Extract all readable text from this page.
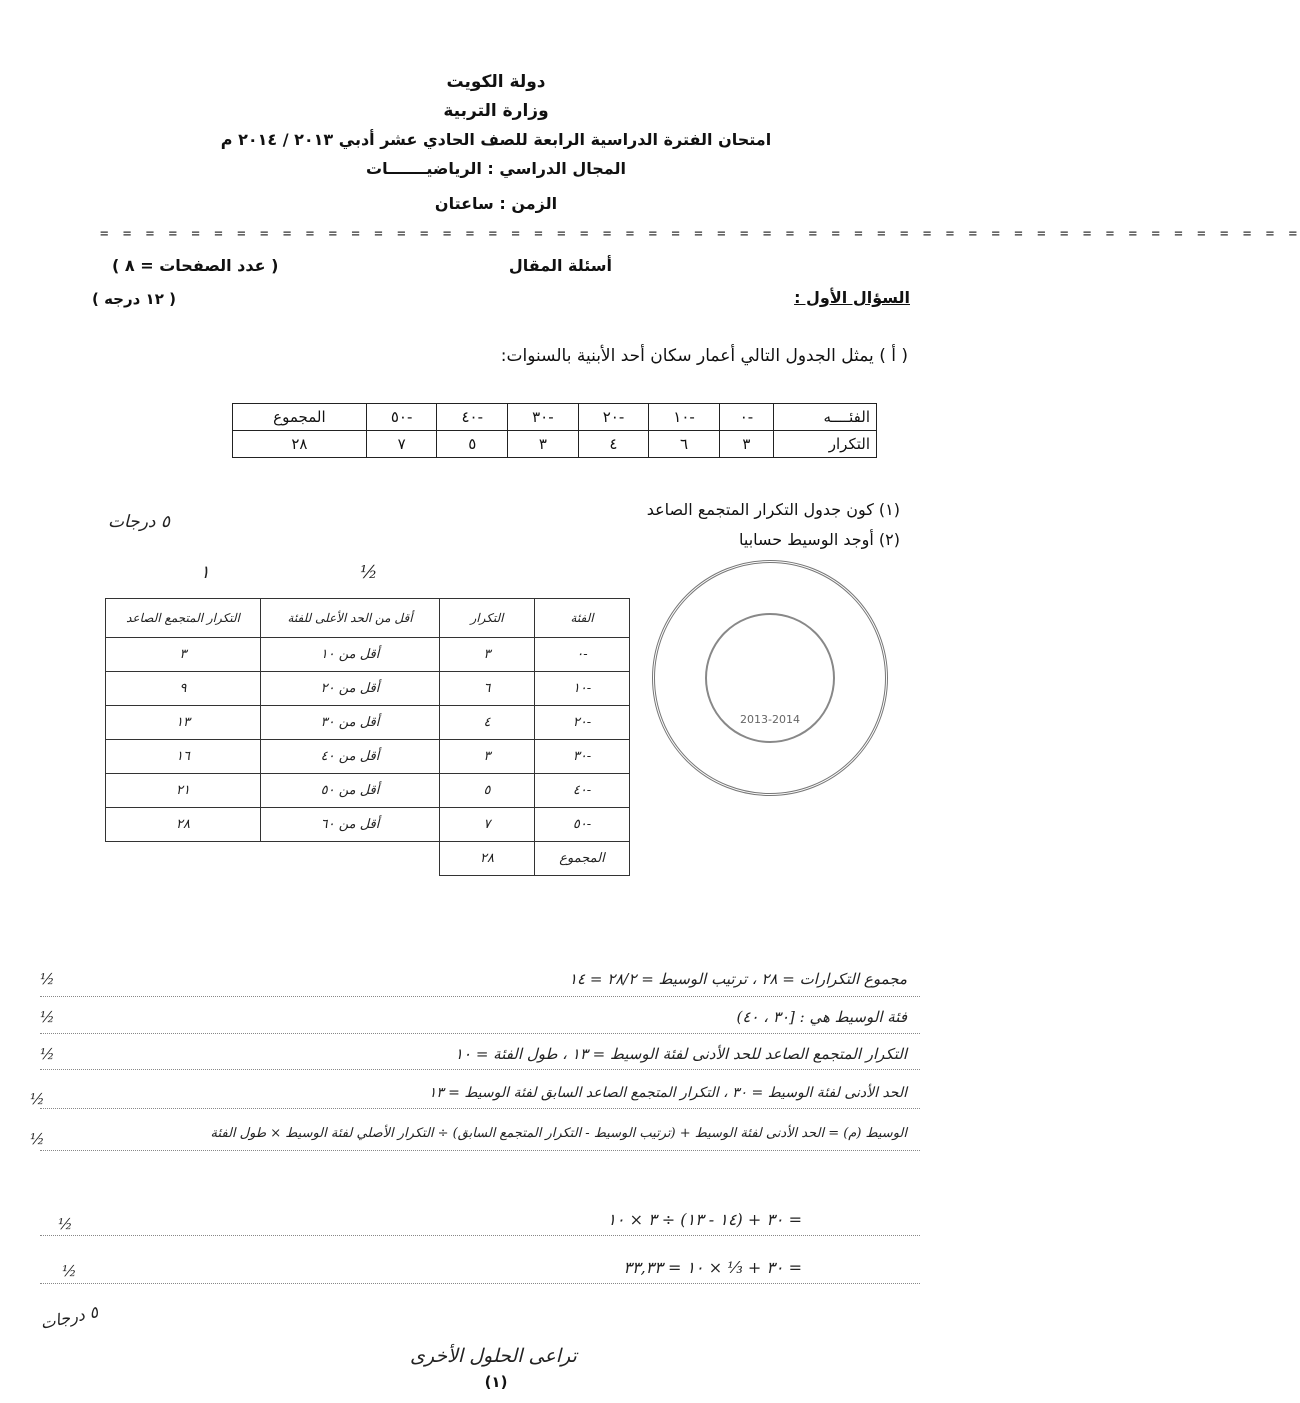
دولة الكويت
وزارة التربية
امتحان الفترة الدراسية الرابعة للصف الحادي عشر أدبي ٢٠١٣ / ٢٠١٤ م
المجال الدراسي : الرياضيـــــــات
الزمن : ساعتان
= = = = = = = = = = = = = = = = = = = = = = = = = = = = = = = = = = = = = = = = = = = = = = = = = = = = =
أسئلة المقال
( عدد الصفحات = ٨ )
السؤال الأول :
( ١٢ درجه )
( أ ) يمثل الجدول التالي أعمار سكان أحد الأبنية بالسنوات:
الفئــــه	-٠	-١٠	-٢٠	-٣٠	-٤٠	-٥٠	المجموع
التكرار	٣	٦	٤	٣	٥	٧	٢٨
(١) كون جدول التكرار المتجمع الصاعد
(٢) أوجد الوسيط حسابيا
٥ درجات
١	½
الفئة	التكرار	أقل من الحد الأعلى للفئة	التكرار المتجمع الصاعد
-٠	٣	أقل من ١٠	٣
-١٠	٦	أقل من ٢٠	٩
-٢٠	٤	أقل من ٣٠	١٣
-٣٠	٣	أقل من ٤٠	١٦
-٤٠	٥	أقل من ٥٠	٢١
-٥٠	٧	أقل من ٦٠	٢٨
المجموع	٢٨		
2013-2014
مجموع التكرارات = ٢٨ ، ترتيب الوسيط = ٢٨/٢ = ١٤
فئة الوسيط هي : [٣٠ ، ٤٠)
التكرار المتجمع الصاعد للحد الأدنى لفئة الوسيط = ١٣ ، طول الفئة = ١٠
الحد الأدنى لفئة الوسيط = ٣٠ ، التكرار المتجمع الصاعد السابق لفئة الوسيط = ١٣
الوسيط (م) = الحد الأدنى لفئة الوسيط + (ترتيب الوسيط - التكرار المتجمع السابق) ÷ التكرار الأصلي لفئة الوسيط × طول الفئة
= ٣٠ + (١٤ - ١٣) ÷ ٣ × ١٠
= ٣٠ + ⅓ × ١٠ = ٣٣,٣٣
½
½
½
½
½
½
½
٥ درجات
تراعى الحلول الأخرى
(١)
